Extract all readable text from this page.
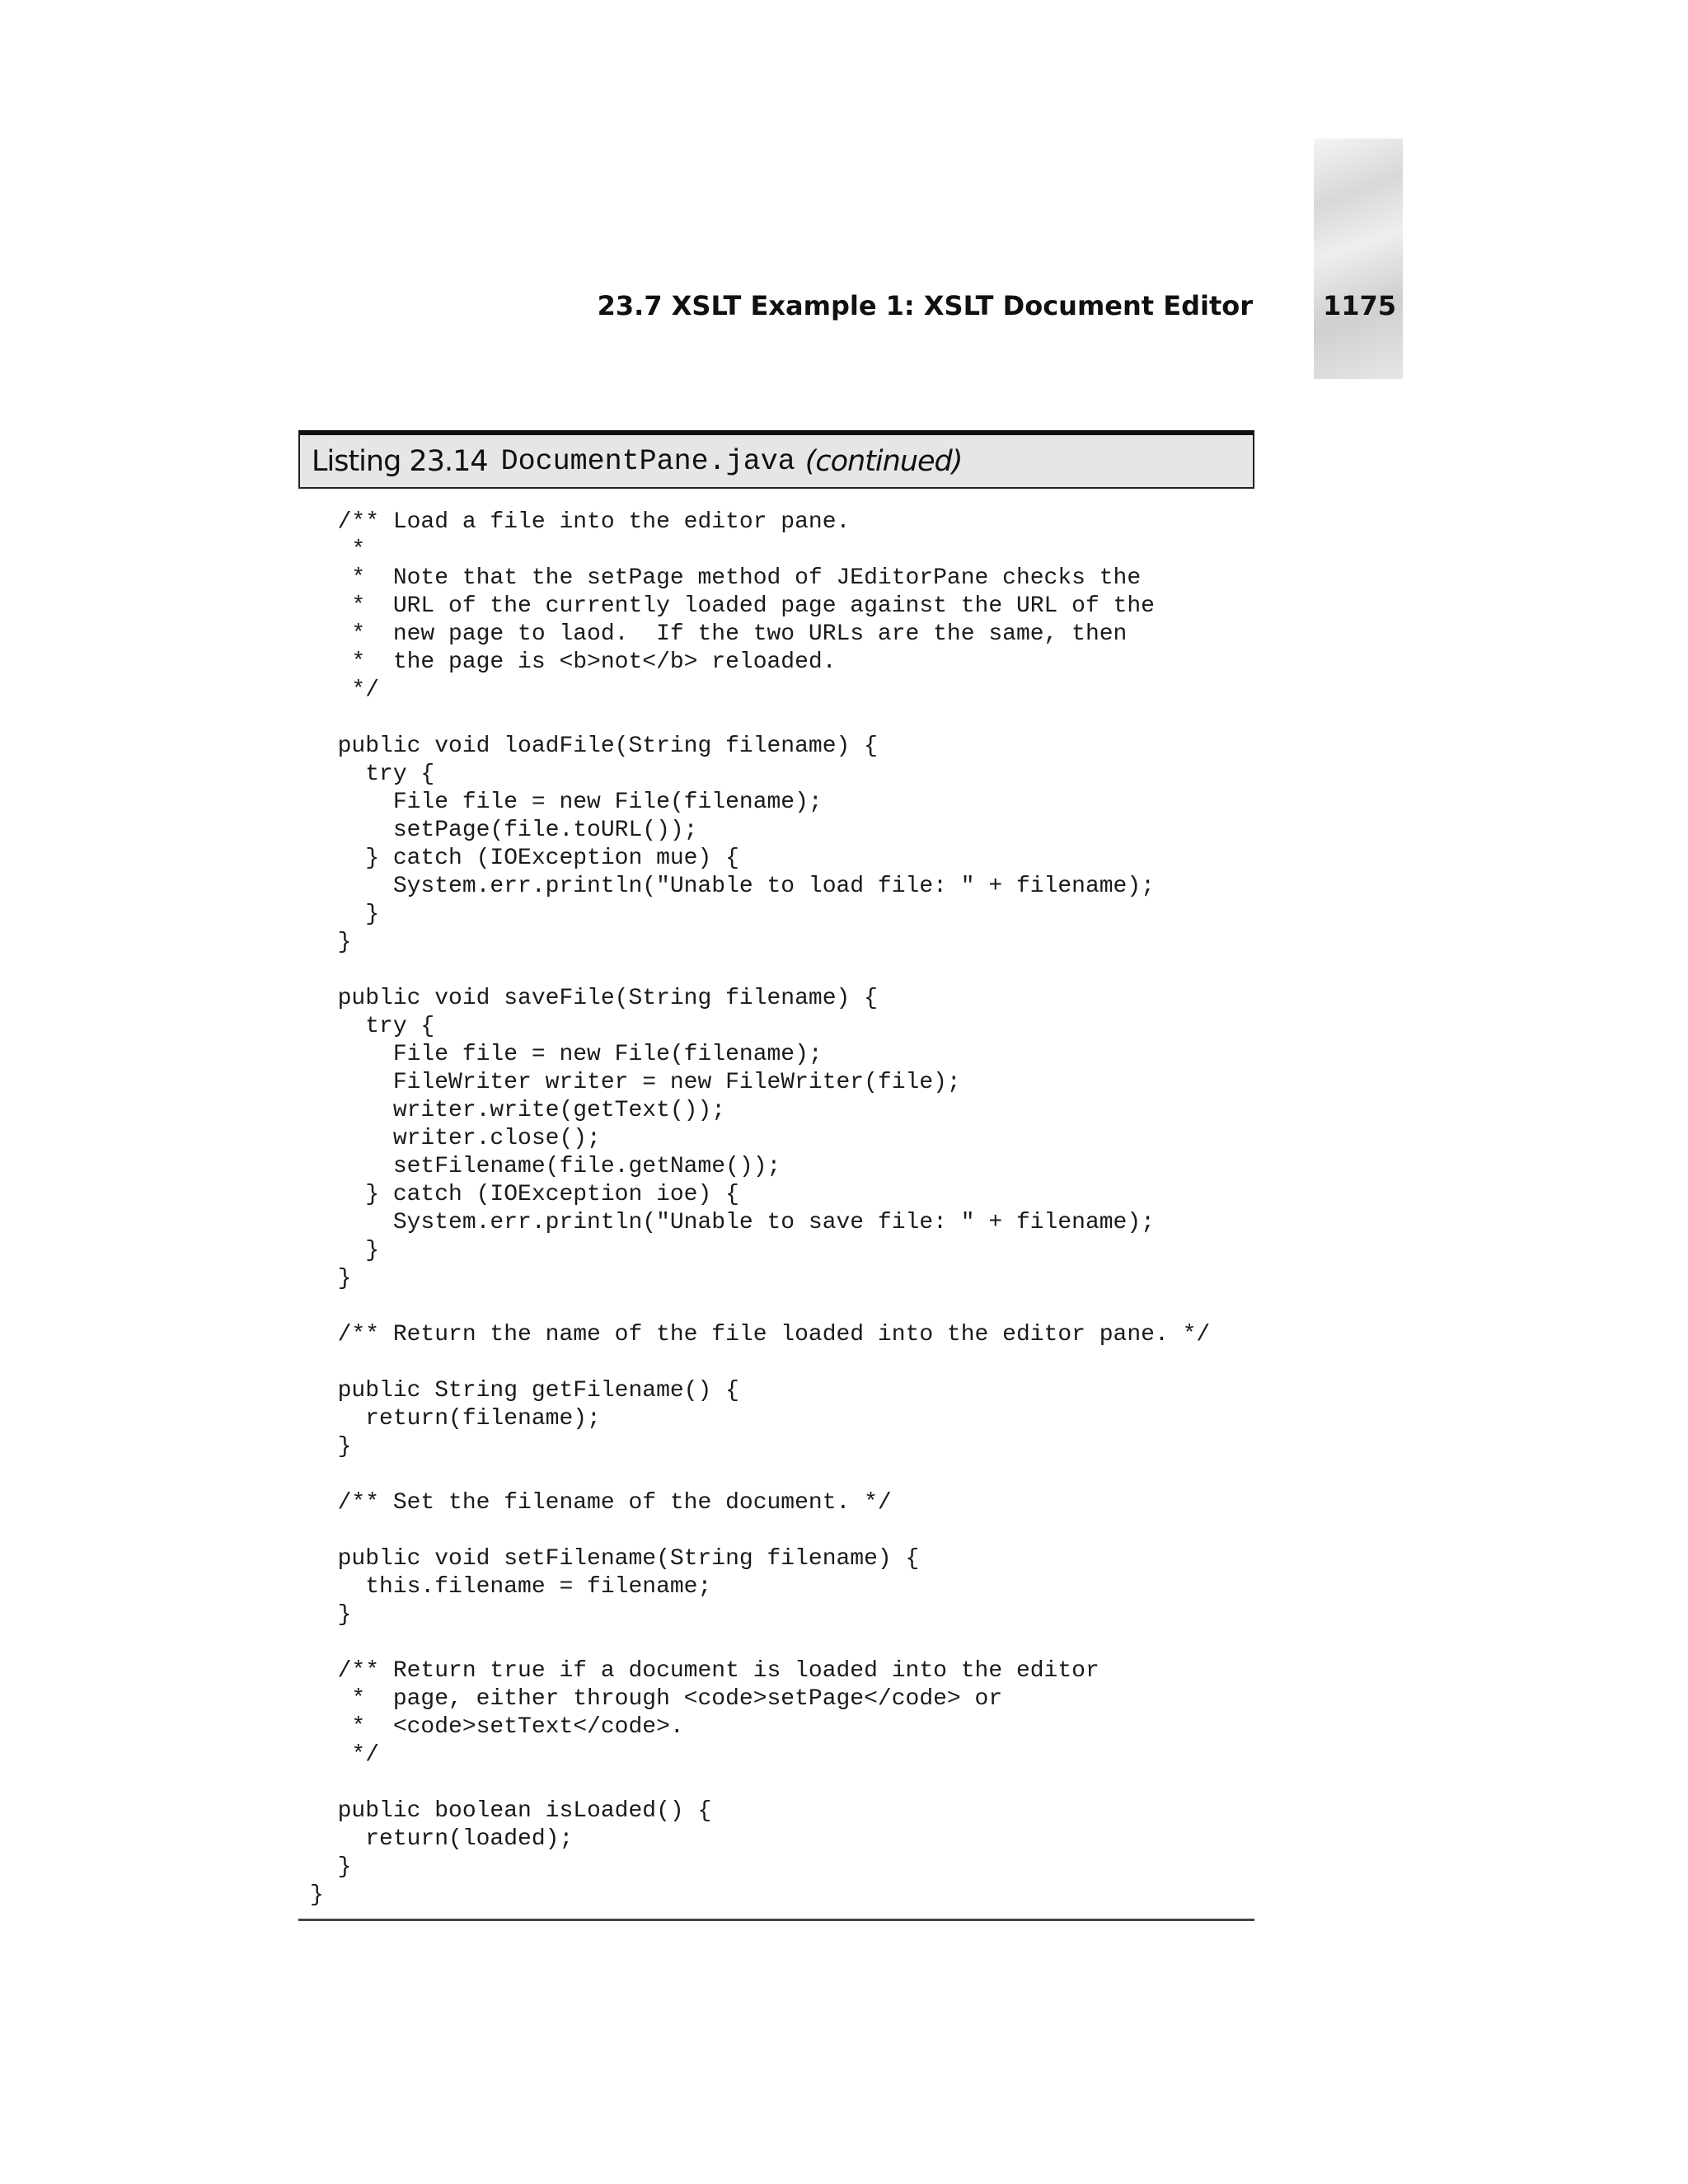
23.7 XSLT Example 1: XSLT Document Editor	1175
Listing 23.14 DocumentPane.java (continued)
/** Load a file into the editor pane.
*
*  Note that the setPage method of JEditorPane checks the
*  URL of the currently loaded page against the URL of the
*  new page to laod.  If the two URLs are the same, then
*  the page is <b>not</b> reloaded.
*/

public void loadFile(String filename) {
try {
File file = new File(filename);
setPage(file.toURL());
} catch (IOException mue) {
System.err.println("Unable to load file: " + filename);
}
}

public void saveFile(String filename) {
try {
File file = new File(filename);
FileWriter writer = new FileWriter(file);
writer.write(getText());
writer.close();
setFilename(file.getName());
} catch (IOException ioe) {
System.err.println("Unable to save file: " + filename);
}
}

/** Return the name of the file loaded into the editor pane. */

public String getFilename() {
return(filename);
}

/** Set the filename of the document. */

public void setFilename(String filename) {
this.filename = filename;
}

/** Return true if a document is loaded into the editor
*  page, either through <code>setPage</code> or
*  <code>setText</code>.
*/

public boolean isLoaded() {
return(loaded);
}
}
